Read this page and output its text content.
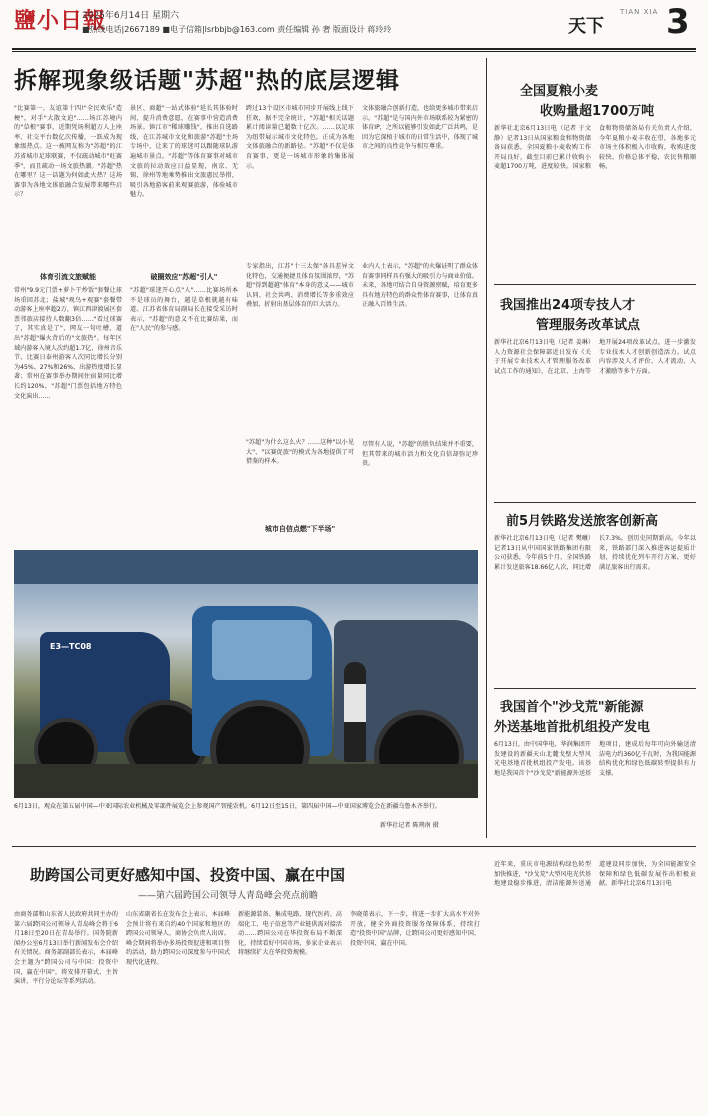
鹽小日報
2025年6月14日 星期六
■热线电话|2667189 ■电子信箱|lsrbbjb@163.com 责任编辑 孙 奢 版面设计 蒋玲玲	天下
TIAN XIA 3
拆解现象级话题"苏超"热的底层逻辑
"比赛第一，友谊第十四!"全民欢乐"造梗"，对手"大散文迫"……场江苏境内的"草根"赛事，近期凭场利超万人上座率、社交平台数亿次传播，一跃成为现象级热点。这一被网友称为"苏超"的江苏省城市足球联赛，不仅疏动城市"旺赛季"，而且疏动一场文旅热潮。"苏超"热在哪里？这一话题为何如此火热？这场赛事为各地文体旅融合发展带来哪些启示？
体育引流文旅赋能
常州"9.9元门票+萝卜干炒饭"套餐让球场重回苏北；盐城"观鸟+观赛"套餐带动游客上座率超2万，镇江西津渡展区套票邻旅店接待人数翻3倍……"看过球赛了，其实真是了"，网友一句吐槽，道出"苏超"爆火背后的"文旅热"。每年区域内游客入境人次约超1.7亿，徐州音乐节、比赛日泰州游客人次同比增长分别为45%、27%和26%，出游热度增长显著；常州在赛事举办期间住宿量同比增长约120%。"苏超"门票包括地方特色文化演出……
景区、商超"一站式体验"延长其体验时间，提升消费意愿，在赛事中营造消费场景。镇江市"稀球赚钱"，推出自选路线，在江苏城市文化和旅游"苏超"主场专场中，让来了的球迷可以跟随球队游遍城市景点。"苏超"等体育赛事对城市文旅的拉动效应日益显现，南京、无锡、徐州等地乘势推出文旅惠民举措，吸引各地游客前来观赛旅游，体验城市魅力。
破圈效应"苏超"引人"
"苏超"球迷开心点"人"……比赛场所本不是球员的舞台，越是草根就越有味道。江苏省体育局副局长在接受采访时表示，"苏超"的意义不在比赛结果，而在"人民"的参与感。
跨过13个设区市城市同步开展线上线下狂欢，据不完全统计，"苏超"相关话题累计阅读量已超数十亿次。……以足球为纽带展示城市文化特色，正成为各地文体旅融合的新路径。"苏超"不仅是体育赛事，更是一场城市形象的集体展示。
专家指出，江苏"十三太保"各具差异文化特色，交通便捷且体育氛围浓厚，"苏超"得到超越"体育"本身的意义——城市认同、社会共鸣、消费增长等多重效应叠加，折射出基层体育的巨大活力。
"苏超"为什么这么火？……这种"以小见大"、"以赛促旅"的模式为各地提供了可借鉴的样本。
城市自信点燃"下半场"
文体旅融合创新打造，也给更多城市带来启示。"苏超"是与国内外市场联系较为紧密的体育IP，之所以能够引发如此广泛共鸣，是因为它深植于城市的日常生活中，体现了城市之间的良性竞争与相互尊重。
业内人士表示，"苏超"的火爆证明了群众体育赛事同样具有强大的吸引力与商业价值。未来，各地可结合自身资源禀赋，培育更多具有地方特色的群众性体育赛事，让体育真正融入百姓生活。
尽管有人说，"苏超"的胜负结果并不重要，但其带来的城市活力和文化自信却弥足珍贵。
E3—TC08
6月13日，观众在第五届中国—中亚国际农业机械及零部件展览会上参观国产智能农机。6月12日至15日，第四届中国—中亚国家博览会在新疆乌鲁木齐举行。
新华社记者 陈朔南 摄
全国夏粮小麦
收购量超1700万吨
新华社北京6月13日电（记者 于文静）记者13日从国家粮食和物资储备局获悉，全国夏粮小麦收购工作开局良好，截至目前已累计收购小麦超1700万吨，进度较快。国家粮食和物资储备局有关负责人介绍，今年夏粮小麦丰收在望，各地多元市场主体积极入市收购，收购进度较快，价格总体平稳，农民售粮顺畅。
我国推出24项专技人才
管理服务改革试点
新华社北京6月13日电（记者 姜琳）人力资源社会保障部近日发布《关于开展专业技术人才管理服务改革试点工作的通知》，在北京、上海等地开展24项改革试点，进一步激发专业技术人才创新创造活力。试点内容涉及人才评价、人才流动、人才激励等多个方面。
前5月铁路发送旅客创新高
新华社北京6月13日电（记者 樊曦）记者13日从中国国家铁路集团有限公司获悉，今年前5个月，全国铁路累计发送旅客18.66亿人次，同比增长7.3%，创历史同期新高。今年以来，铁路部门深入推进客运提质计划，持续优化列车开行方案，更好满足旅客出行需求。
我国首个"沙戈荒"新能源
外送基地首批机组投产发电
6月13日，由中国华电、华润集团开发建设的新疆天山北麓戈壁大型风光电基地首批机组投产发电。该基地是我国首个"沙戈荒"新能源外送基地项目，建成后每年可向外输送清洁电力约360亿千瓦时，为我国能源结构优化和绿色低碳转型提供有力支撑。
助跨国公司更好感知中国、投资中国、赢在中国
——第六届跨国公司领导人青岛峰会亮点前瞻
由商务部和山东省人民政府共同主办的第六届跨国公司领导人青岛峰会将于6月18日至20日在青岛举行。国务院新闻办公室6月13日举行新闻发布会介绍有关情况。商务部副部长表示，本届峰会主题为"跨国公司与中国：投资中国，赢在中国"，将安排开幕式、主旨演讲、平行分论坛等系列活动。
山东省副省长在发布会上表示，本届峰会预计将有来自约40个国家和地区的跨国公司领导人、商协会负责人出席。峰会期间将举办多场投资促进和项目签约活动，助力跨国公司深度参与中国式现代化进程。
新能源装备、集成电路、现代医药、高端化工、电子信息等产业链供需对接活动……跨国公司在华投资布局不断深化，持续看好中国市场，多家企业表示将继续扩大在华投资规模。
李晓董表示，下一步，将进一步扩大高水平对外开放，健全外商投资服务保障体系，持续打造"投资中国"品牌，让跨国公司更好感知中国、投资中国、赢在中国。
近年来，重庆市电源结构绿色转型加快推进，"沙戈荒"大型风电光伏基地建设稳步推进，清洁能源外送通道建设同步加快，为全国能源安全保障和绿色低碳发展作出积极贡献。新华社北京6月13日电
